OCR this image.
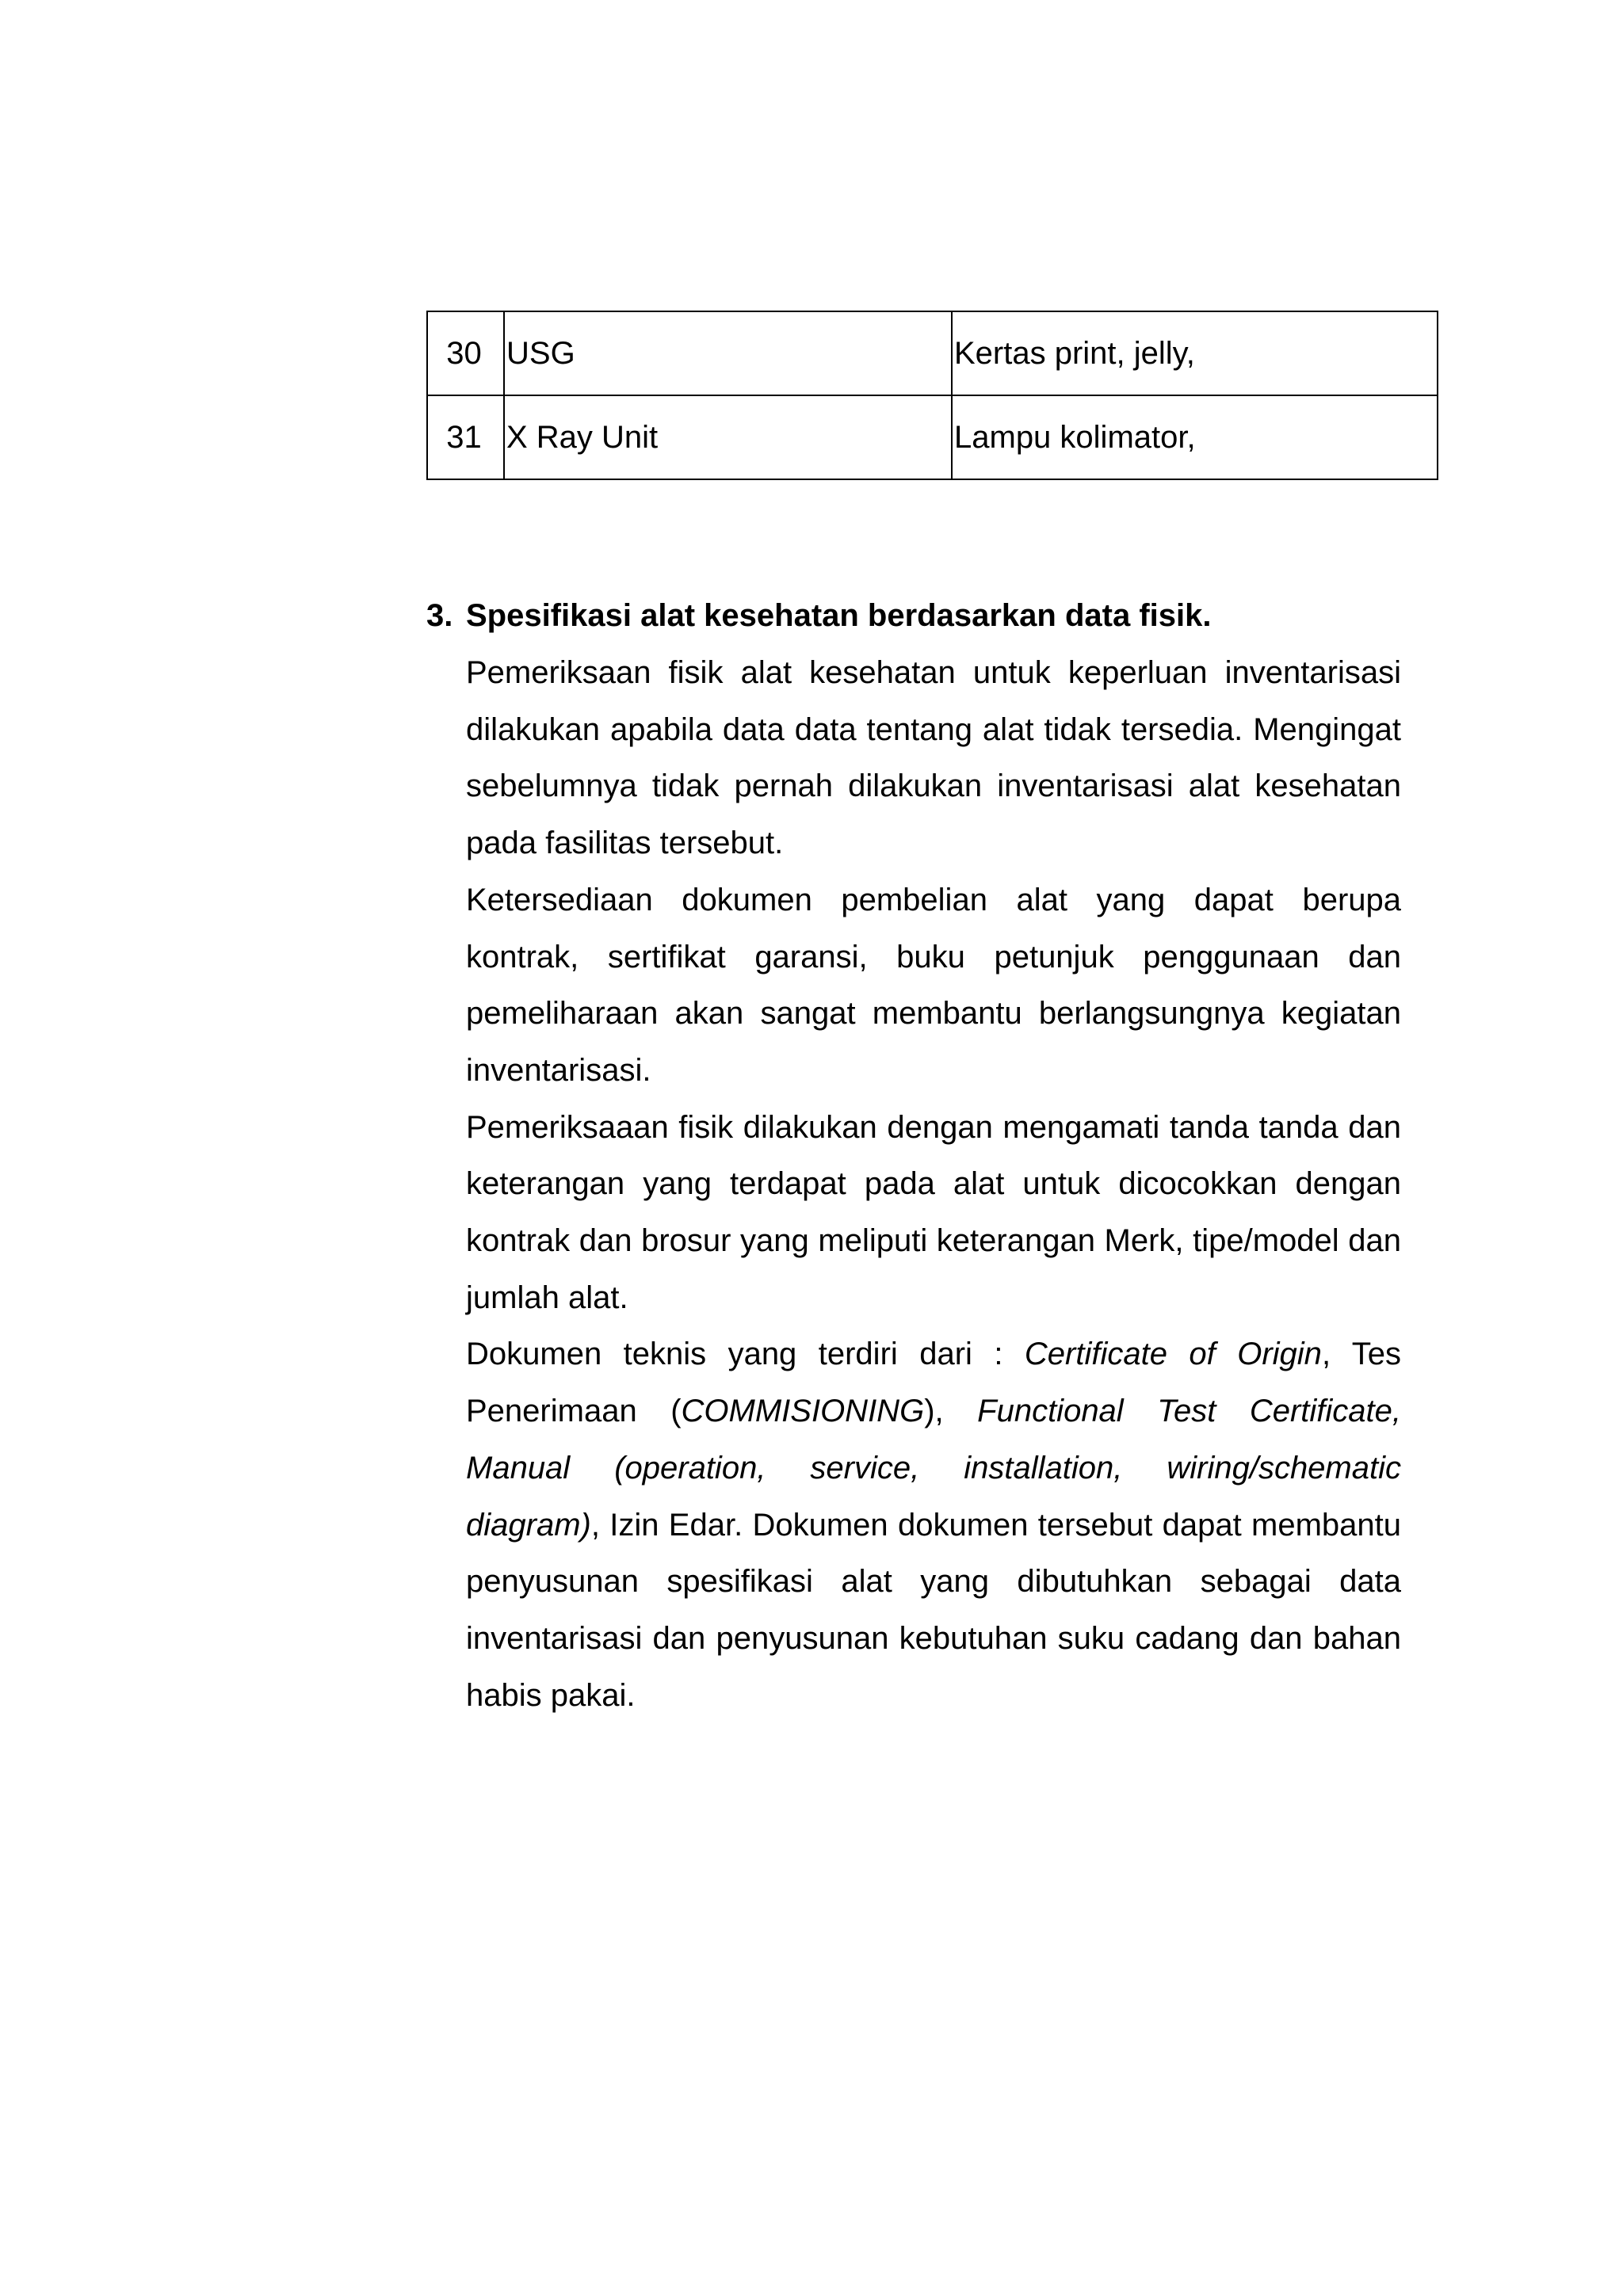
30	USG	Kertas print, jelly,
31	X Ray Unit	Lampu kolimator,
3. Spesifikasi alat kesehatan berdasarkan data fisik.

Pemeriksaan fisik alat kesehatan untuk keperluan inventarisasi dilakukan apabila data data tentang alat tidak tersedia. Mengingat sebelumnya tidak pernah dilakukan inventarisasi alat kesehatan pada fasilitas tersebut.

Ketersediaan dokumen pembelian alat yang dapat berupa kontrak, sertifikat garansi, buku petunjuk penggunaan dan pemeliharaan akan sangat membantu berlangsungnya kegiatan inventarisasi.

Pemeriksaaan fisik dilakukan dengan mengamati tanda tanda dan keterangan yang terdapat pada alat untuk dicocokkan dengan kontrak dan brosur yang meliputi keterangan Merk, tipe/model dan jumlah alat.

Dokumen teknis yang terdiri dari : Certificate of Origin, Tes Penerimaan (COMMISIONING), Functional Test Certificate, Manual (operation, service, installation, wiring/schematic diagram), Izin Edar. Dokumen dokumen tersebut dapat membantu penyusunan spesifikasi alat yang dibutuhkan sebagai data inventarisasi dan penyusunan kebutuhan suku cadang dan bahan habis pakai.
